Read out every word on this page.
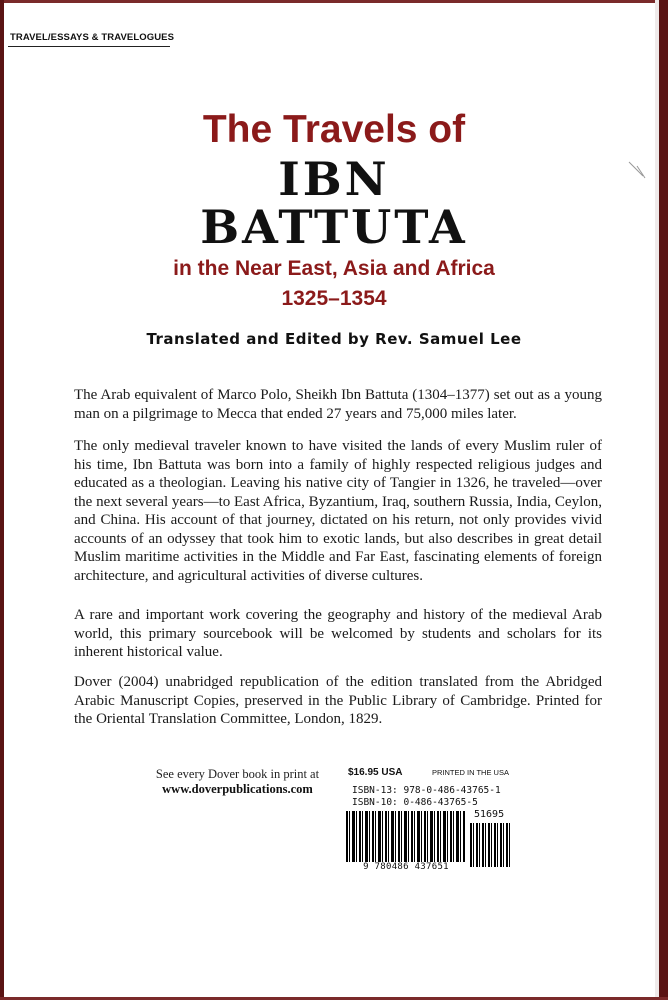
TRAVEL/ESSAYS & TRAVELOGUES
The Travels of
IBN
BATTUTA
in the Near East, Asia and Africa
1325–1354
Translated and Edited by Rev. Samuel Lee

The Arab equivalent of Marco Polo, Sheikh Ibn Battuta (1304–1377) set out as a young man on a pilgrimage to Mecca that ended 27 years and 75,000 miles later.

The only medieval traveler known to have visited the lands of every Muslim ruler of his time, Ibn Battuta was born into a family of highly respected religious judges and educated as a theologian. Leaving his native city of Tangier in 1326, he traveled—over the next several years—to East Africa, Byzantium, Iraq, southern Russia, India, Ceylon, and China. His account of that journey, dictated on his return, not only provides vivid accounts of an odyssey that took him to exotic lands, but also describes in great detail Muslim maritime activities in the Middle and Far East, fascinating elements of foreign architecture, and agricultural activities of diverse cultures.

A rare and important work covering the geography and history of the medieval Arab world, this primary sourcebook will be welcomed by students and scholars for its inherent historical value.

Dover (2004) unabridged republication of the edition translated from the Abridged Arabic Manuscript Copies, preserved in the Public Library of Cambridge. Printed for the Oriental Translation Committee, London, 1829.

See every Dover book in print at
www.doverpublications.com
$16.95 USA	PRINTED IN THE USA
ISBN-13: 978-0-486-43765-1
ISBN-10: 0-486-43765-5
9 780486 437651
51695
